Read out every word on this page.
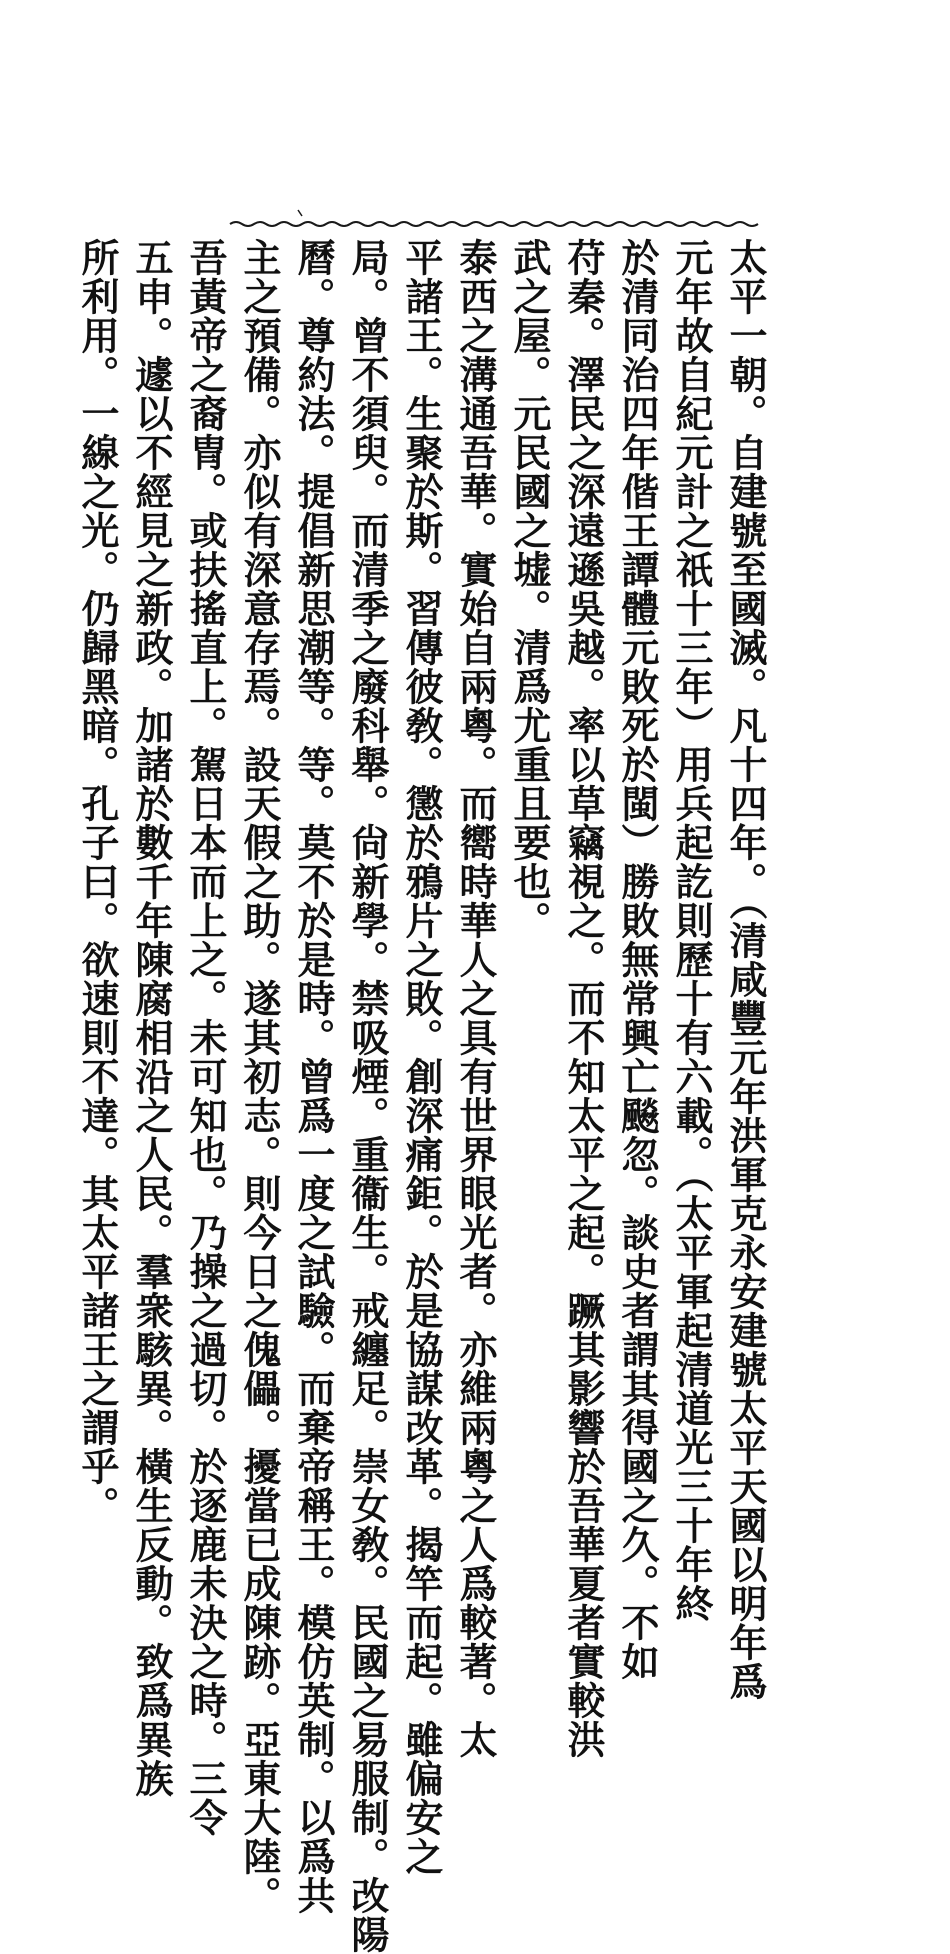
太平一朝。自建號至國滅。凡十四年。（清咸豐元年洪軍克永安建號太平天國以明年爲
元年故自紀元計之祇十三年）用兵起訖則歷十有六載。（太平軍起清道光三十年終
於清同治四年偕王譚體元敗死於閩）勝敗無常興亡飈忽。談史者謂其得國之久。不如
苻秦。澤民之深遠遜吳越。率以草竊視之。而不知太平之起。蹶其影響於吾華夏者實較洪
武之屋。元民國之墟。清爲尤重且要也。
泰西之溝通吾華。實始自兩粵。而嚮時華人之具有世界眼光者。亦維兩粵之人爲較著。太
平諸王。生聚於斯。習傳彼敎。懲於鴉片之敗。創深痛鉅。於是協謀改革。揭竿而起。雖偏安之
局。曾不須臾。而清季之廢科舉。尙新學。禁吸煙。重衞生。戒纏足。崇女敎。民國之易服制。改陽
曆。尊約法。提倡新思潮等。等。莫不於是時。曾爲一度之試驗。而棄帝稱王。模仿英制。以爲共
主之預備。亦似有深意存焉。設天假之助。遂其初志。則今日之傀儡。擾當已成陳跡。亞東大陸。
吾黃帝之裔冑。或扶搖直上。駕日本而上之。未可知也。乃操之過切。於逐鹿未決之時。三令
五申。遽以不經見之新政。加諸於數千年陳腐相沿之人民。羣衆駭異。橫生反動。致爲異族
所利用。一線之光。仍歸黑暗。孔子曰。欲速則不達。其太平諸王之謂乎。
